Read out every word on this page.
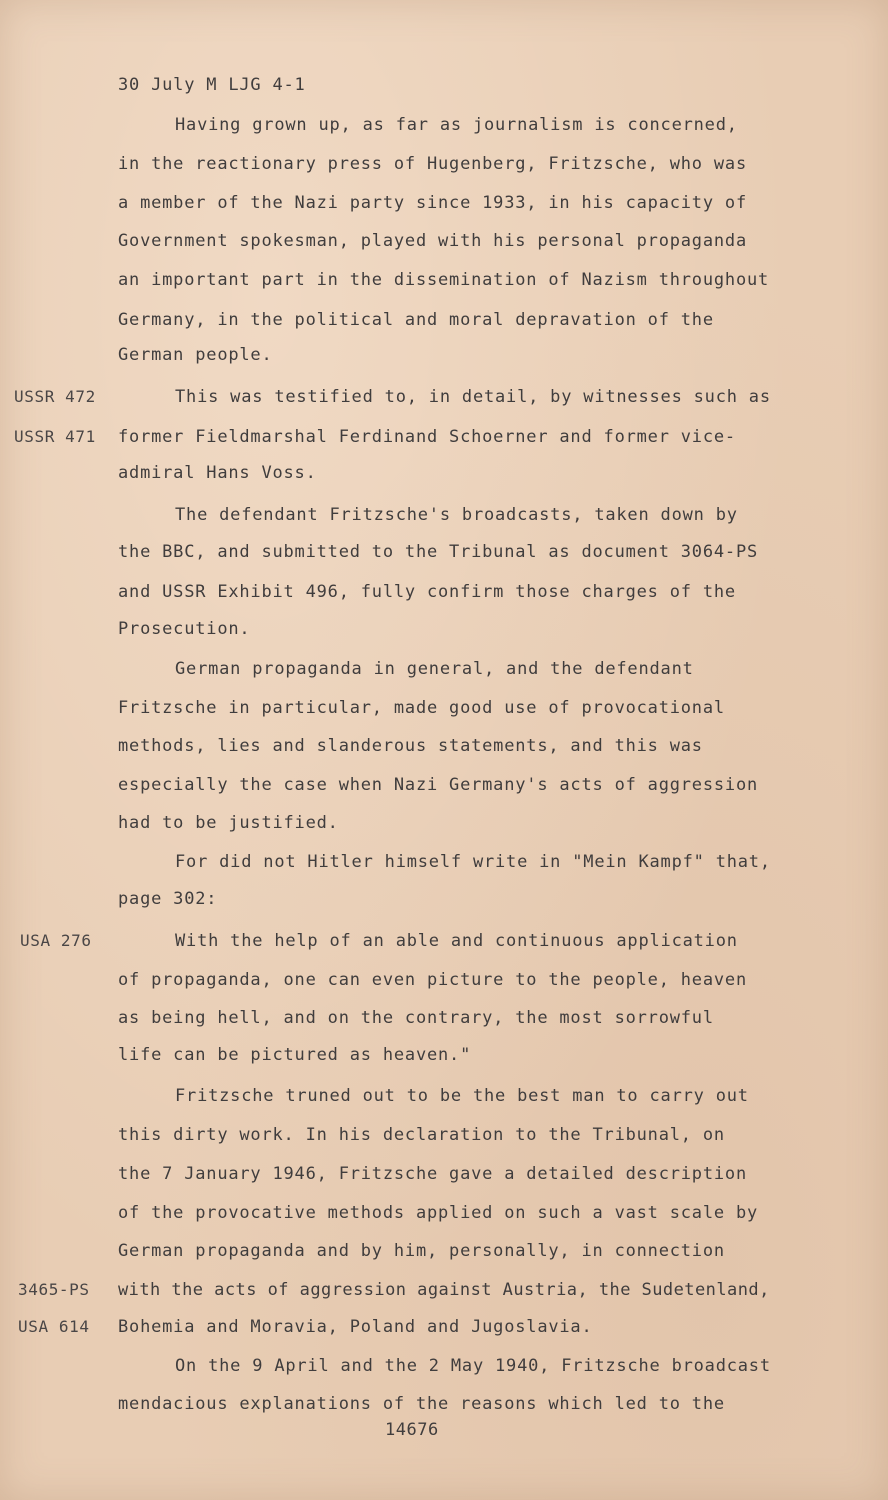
30 July M LJG 4-1
Having grown up, as far as journalism is concerned,
in the reactionary press of Hugenberg, Fritzsche, who was
a member of the Nazi party since 1933, in his capacity of
Government spokesman, played with his personal propaganda
an important part in the dissemination of Nazism throughout
Germany, in the political and moral depravation of the
German people.
USSR 472	This was testified to, in detail, by witnesses such as
USSR 471 former Fieldmarshal Ferdinand Schoerner and former vice-
admiral Hans Voss.
The defendant Fritzsche's broadcasts, taken down by
the BBC, and submitted to the Tribunal as document 3064-PS
and USSR Exhibit 496, fully confirm those charges of the
Prosecution.
German propaganda in general, and the defendant
Fritzsche in particular, made good use of provocational
methods, lies and slanderous statements, and this was
especially the case when Nazi Germany's acts of aggression
had to be justified.
For did not Hitler himself write in "Mein Kampf" that,
page 302:
USA 276	With the help of an able and continuous application
of propaganda, one can even picture to the people, heaven
as being hell, and on the contrary, the most sorrowful
life can be pictured as heaven."
Fritzsche truned out to be the best man to carry out
this dirty work. In his declaration to the Tribunal, on
the 7 January 1946, Fritzsche gave a detailed description
of the provocative methods applied on such a vast scale by
German propaganda and by him, personally, in connection
3465-PS with the acts of aggression against Austria, the Sudetenland,
USA 614 Bohemia and Moravia, Poland and Jugoslavia.
On the 9 April and the 2 May 1940, Fritzsche broadcast
mendacious explanations of the reasons which led to the
14676
